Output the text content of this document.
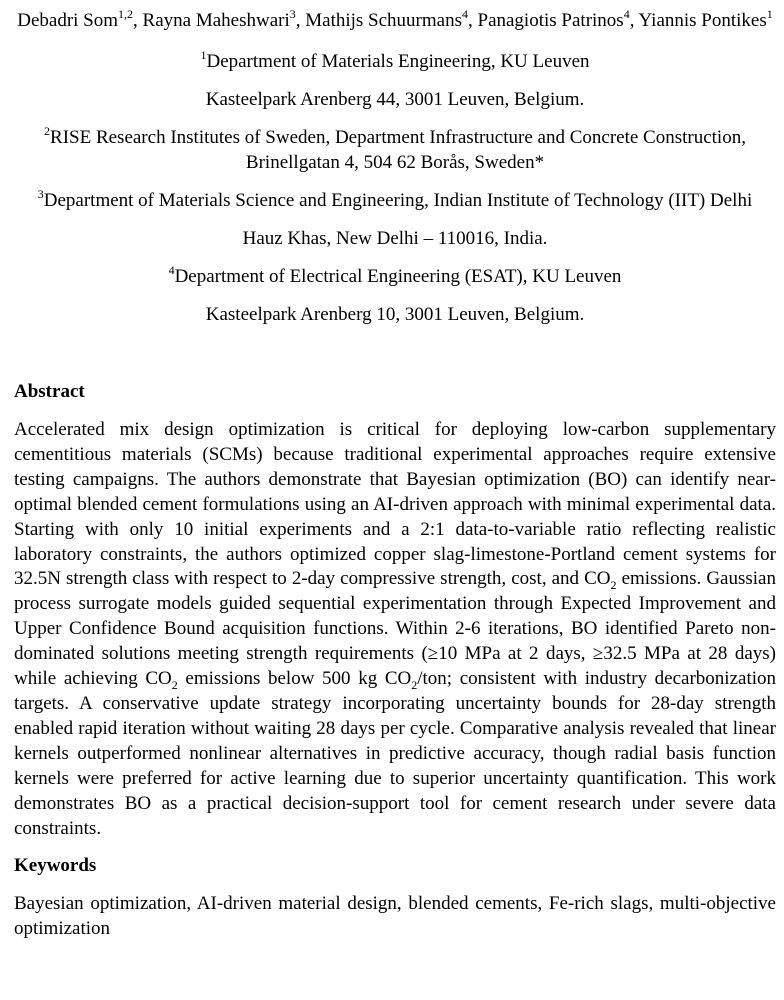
Debadri Som$^{1,2}$, Rayna Maheshwari$^3$, Mathijs Schuurmans$^4$, Panagiotis Patrinos$^4$, Yiannis Pontikes$^1$
$^1$Department of Materials Engineering, KU Leuven
Kasteelpark Arenberg 44, 3001 Leuven, Belgium.
$^2$RISE Research Institutes of Sweden, Department Infrastructure and Concrete Construction, Brinellgatan 4, 504 62 Borås, Sweden*
$^3$Department of Materials Science and Engineering, Indian Institute of Technology (IIT) Delhi
Hauz Khas, New Delhi – 110016, India.
$^4$Department of Electrical Engineering (ESAT), KU Leuven
Kasteelpark Arenberg 10, 3001 Leuven, Belgium.
Abstract

Accelerated mix design optimization is critical for deploying low-carbon supplementary cementitious materials (SCMs) because traditional experimental approaches require extensive testing campaigns. The authors demonstrate that Bayesian optimization (BO) can identify near-optimal blended cement formulations using an AI-driven approach with minimal experimental data. Starting with only 10 initial experiments and a 2:1 data-to-variable ratio reflecting realistic laboratory constraints, the authors optimized copper slag-limestone-Portland cement systems for 32.5N strength class with respect to 2-day compressive strength, cost, and $CO_2$ emissions. Gaussian process surrogate models guided sequential experimentation through Expected Improvement and Upper Confidence Bound acquisition functions. Within 2-6 iterations, BO identified Pareto non-dominated solutions meeting strength requirements (≥10 MPa at 2 days, ≥32.5 MPa at 28 days) while achieving $CO_2$ emissions below 500 kg $CO_2$/ton; consistent with industry decarbonization targets. A conservative update strategy incorporating uncertainty bounds for 28-day strength enabled rapid iteration without waiting 28 days per cycle. Comparative analysis revealed that linear kernels outperformed nonlinear alternatives in predictive accuracy, though radial basis function kernels were preferred for active learning due to superior uncertainty quantification. This work demonstrates BO as a practical decision-support tool for cement research under severe data constraints.

Keywords

Bayesian optimization, AI-driven material design, blended cements, Fe-rich slags, multi-objective optimization
